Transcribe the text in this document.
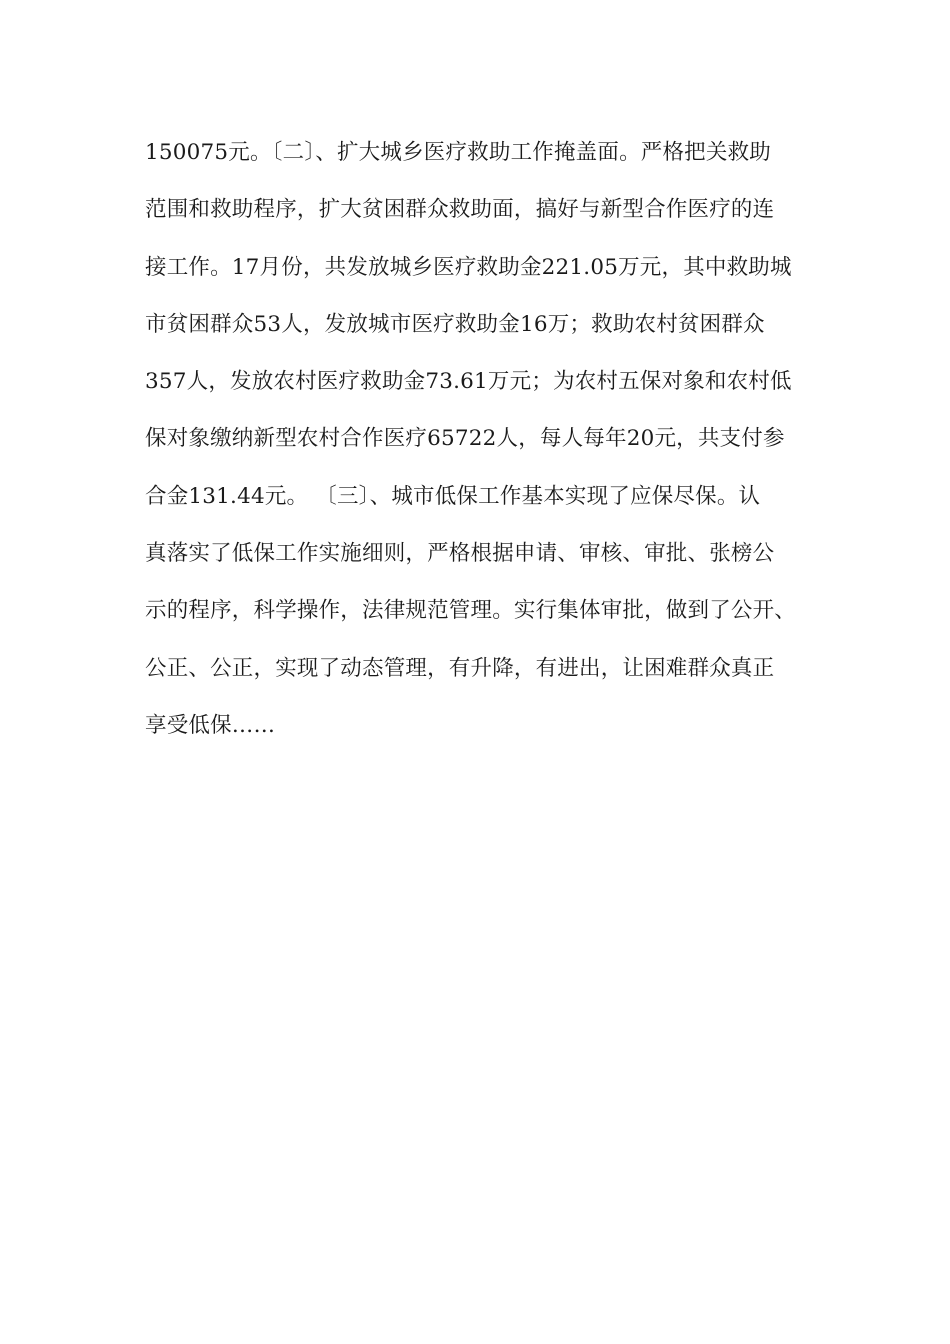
150075元。〔二〕、扩大城乡医疗救助工作掩盖面。严格把关救助
范围和救助程序，扩大贫困群众救助面，搞好与新型合作医疗的连
接工作。17月份，共发放城乡医疗救助金221.05万元，其中救助城
市贫困群众53人，发放城市医疗救助金16万；救助农村贫困群众
357人，发放农村医疗救助金73.61万元；为农村五保对象和农村低
保对象缴纳新型农村合作医疗65722人，每人每年20元，共支付参
合金131.44元。 〔三〕、城市低保工作基本实现了应保尽保。认
真落实了低保工作实施细则，严格根据申请、审核、审批、张榜公
示的程序，科学操作，法律规范管理。实行集体审批，做到了公开、
公正、公正，实现了动态管理，有升降，有进出，让困难群众真正
享受低保……
